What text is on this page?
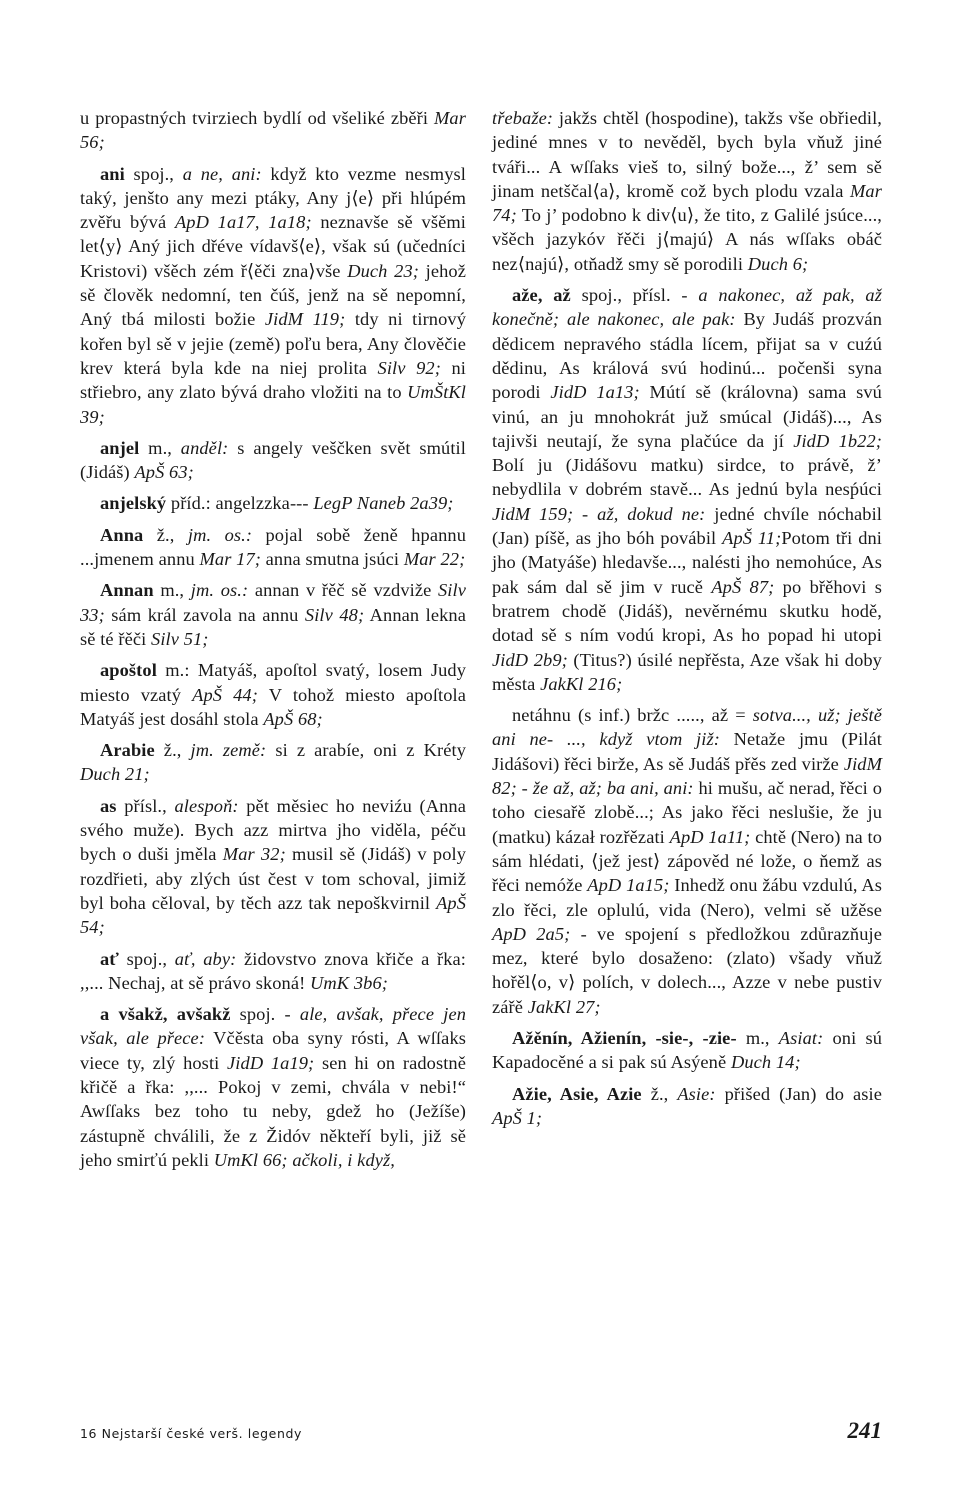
u propastných tvirziech bydlí od všeliké zběři Mar 56;

ani spoj., a ne, ani: když kto vezme nesmysl taký, jenšto any mezi ptáky, Any j⟨e⟩ při hlúpém zvěřu bývá ApD 1a17, 1a18; neznavše sě všěmi let⟨y⟩ Aný jich dřéve vídavš⟨e⟩, však sú (učedníci Kristovi) všěch zém ř⟨ěči zna⟩vše Duch 23; jehož sě člověk nedomní, ten čúš, jenž na sě nepomní, Aný tbá milosti božie JidM 119; tdy ni tirnový kořen byl sě v jejie (země) poľu bera, Any člověčie krev která byla kde na niej prolita Silv 92; ni střiebro, any zlato bývá draho vložiti na to UmŠtKl 39;

anjel m., anděl: s angely veščken svět smútil (Jidáš) ApŠ 63;

anjelský příd.: angelzzka--- LegP Naneb 2a39;

Anna ž., jm. os.: pojal sobě ženě hpannu ...jmenem annu Mar 17; anna smutna jsúci Mar 22;

Annan m., jm. os.: annan v řěč sě vzdviže Silv 33; sám král zavola na annu Silv 48; Annan lekna sě té řěči Silv 51;

apoštol m.: Matyáš, apoſtol svatý, losem Judy miesto vzatý ApŠ 44; V tohož miesto apoſtola Matyáš jest dosáhl stola ApŠ 68;

Arabie ž., jm. země: si z arabíe, oni z Kréty Duch 21;

as přísl., alespoň: pět měsiec ho neviźu (Anna svého muže). Bych azz mirtva jho viděla, péču bych o duši jměla Mar 32; musil sě (Jidáš) v poly rozdřieti, aby zlých úst čest v tom schoval, jimiž byl boha cěloval, by těch azz tak nepoškvirnil ApŠ 54;

ať spoj., ať, aby: židovstvo znova křiče a řka: ,,... Nechaj, at sě právo skoná! UmK 3b6;

a všakž, avšakž spoj. - ale, avšak, přece jen však, ale přece: Včěsta oba syny rósti, A wſſaks viece ty, zlý hosti JidD 1a19; sen hi on radostně křičě a řka: ,,... Pokoj v zemi, chvála v nebi!“ Awſſaks bez toho tu neby, gdež ho (Ježíše) zástupně chválili, že z Židóv někteří byli, již sě jeho smirťú pekli UmKl 66; ačkoli, i když,

třebaže: jakžs chtěl (hospodine), takžs vše obřiedil, jediné mnes v to nevěděl, bych byla vňuž jiné tváři... A wſſaks vieš to, silný bože..., ž’ sem sě jinam netščal⟨a⟩, kromě což bych plodu vzala Mar 74; To j’ podobno k div⟨u⟩, že tito, z Galilé jsúce..., všěch jazykóv řěči j⟨majú⟩ A nás wſſaks obáč nez⟨najú⟩, otňadž smy sě porodili Duch 6;

aže, až spoj., přísl. - a nakonec, až pak, až konečně; ale nakonec, ale pak: By Judáš prozván dědicem nepravého stádla lícem, přijat sa v cuźú dědinu, As králová svú hodinú... počenši syna porodi JidD 1a13; Mútí sě (královna) sama svú vinú, an ju mnohokrát juž smúcal (Jidáš)..., As tajivši neutají, že syna plačúce da jí JidD 1b22; Bolí ju (Jidášovu matku) sirdce, to právě, ž’ nebydlila v dobrém stavě... As jednú byla nesṕúci JidM 159; - až, dokud ne: jedné chvíle nóchabil (Jan) píšě, as jho bóh povábil ApŠ 11;Potom tři dni jho (Matyáše) hledavše..., nalésti jho nemohúce, As pak sám dal sě jim v rucě ApŠ 87; po břěhovi s bratrem chodě (Jidáš), nevěrnému skutku hodě, dotad sě s ním vodú kropi, As ho popad hi utopi JidD 2b9; (Titus?) úsilé nepřěsta, Aze však hi doby města JakKl 216;

netáhnu (s inf.) bržc ....., až = sotva..., už; ještě ani ne- ..., když vtom již: Netaže jmu (Pilát Jidášovi) řěci birže, As sě Judáš přěs zed virže JidM 82; - že až, až; ba ani, ani: hi mušu, ač nerad, řěci o toho ciesařě zlobě...; As jako řěci neslušie, že ju (matku) kázał rozřězati ApD 1a11; chtě (Nero) na to sám hlédati, ⟨jež jest⟩ zápověd né lože, o ňemž as řěci nemóže ApD 1a15; Inhedž onu žábu vzdulú, As zlo řěci, zle oplulú, vida (Nero), velmi sě užěse ApD 2a5; - ve spojení s předložkou zdůrazňuje mez, které bylo dosaženo: (zlato) všady vňuž hořěl⟨o, v⟩ polích, v dolech..., Azze v nebe pustiv zářě JakKl 27;

Ažěnín, Ažienín, -sie-, -zie- m., Asiat: oni sú Kapadocěné a si pak sú Asýeně Duch 14;

Ažie, Asie, Azie ž., Asie: přišed (Jan) do asie ApŠ 1;

16 Nejstarší české verš. legendy	241
